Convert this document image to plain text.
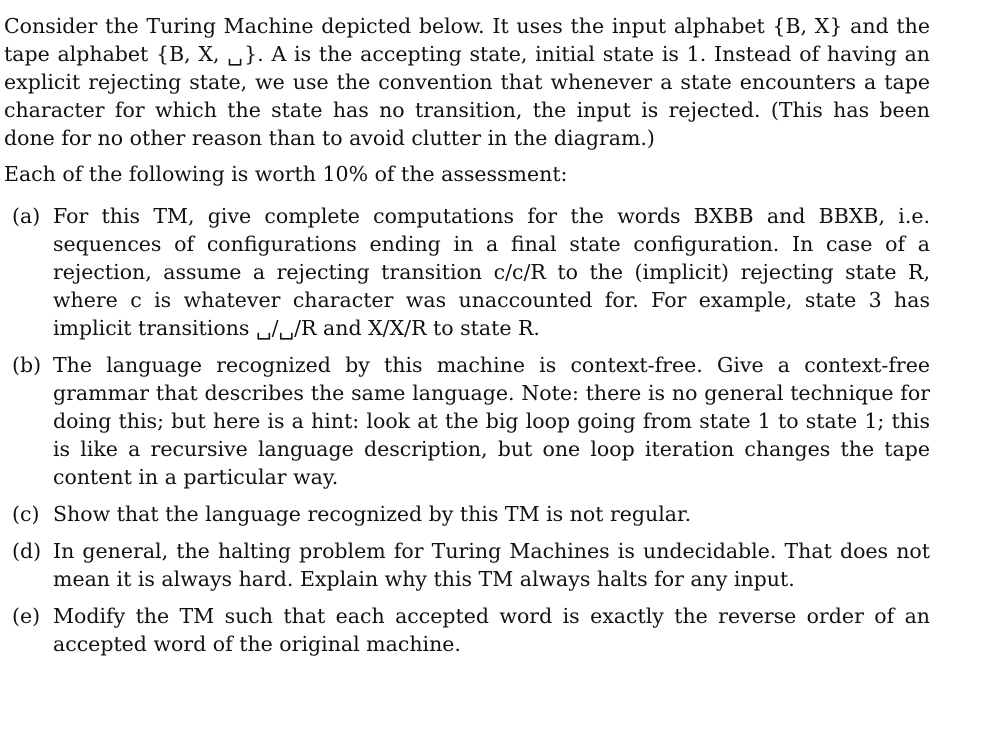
Consider the Turing Machine depicted below. It uses the input alphabet {B, X} and the tape alphabet {B, X, ␣}. A is the accepting state, initial state is 1. Instead of having an explicit rejecting state, we use the convention that whenever a state encounters a tape character for which the state has no transition, the input is rejected. (This has been done for no other reason than to avoid clutter in the diagram.)

Each of the following is worth 10% of the assessment:

(a) For this TM, give complete computations for the words BXBB and BBXB, i.e. sequences of configurations ending in a final state configuration. In case of a rejection, assume a rejecting transition c/c/R to the (implicit) rejecting state R, where c is whatever character was unaccounted for. For example, state 3 has implicit transitions ␣/␣/R and X/X/R to state R.
(b) The language recognized by this machine is context-free. Give a context-free grammar that describes the same language. Note: there is no general technique for doing this; but here is a hint: look at the big loop going from state 1 to state 1; this is like a recursive language description, but one loop iteration changes the tape content in a particular way.
(c) Show that the language recognized by this TM is not regular.
(d) In general, the halting problem for Turing Machines is undecidable. That does not mean it is always hard. Explain why this TM always halts for any input.
(e) Modify the TM such that each accepted word is exactly the reverse order of an accepted word of the original machine.
